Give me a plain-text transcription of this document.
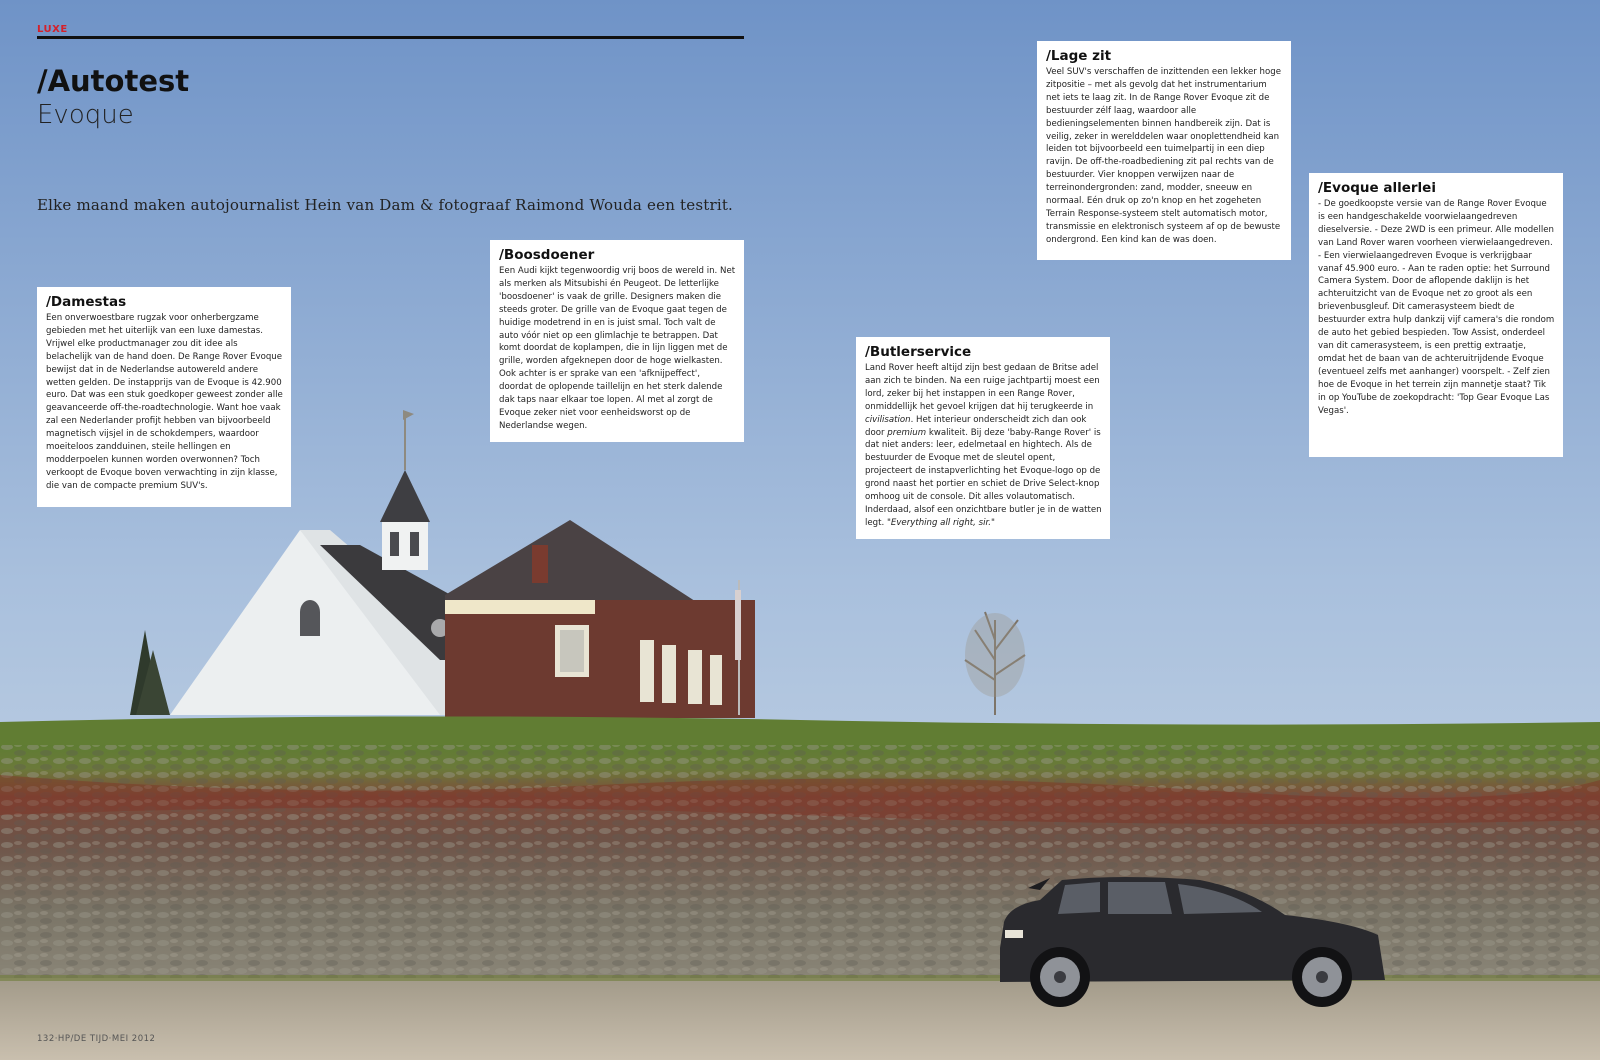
LUXE
/Autotest
Evoque
Elke maand maken autojournalist Hein van Dam & fotograaf Raimond Wouda een testrit.
/Damestas

Een onverwoestbare rugzak voor onherbergzame gebieden met het uiterlijk van een luxe damestas. Vrijwel elke productmanager zou dit idee als belachelijk van de hand doen. De Range Rover Evoque bewijst dat in de Nederlandse autowereld andere wetten gelden. De instapprijs van de Evoque is 42.900 euro. Dat was een stuk goedkoper geweest zonder alle geavanceerde off-the-roadtechnologie. Want hoe vaak zal een Nederlander profijt hebben van bijvoorbeeld magnetisch vijsjel in de schokdempers, waardoor moeiteloos zandduinen, steile hellingen en modderpoelen kunnen worden overwonnen? Toch verkoopt de Evoque boven verwachting in zijn klasse, die van de compacte premium SUV's.

/Boosdoener

Een Audi kijkt tegenwoordig vrij boos de wereld in. Net als merken als Mitsubishi én Peugeot. De letterlijke 'boosdoener' is vaak de grille. Designers maken die steeds groter. De grille van de Evoque gaat tegen de huidige modetrend in en is juist smal. Toch valt de auto vóór niet op een glimlachje te betrappen. Dat komt doordat de koplampen, die in lijn liggen met de grille, worden afgeknepen door de hoge wielkasten. Ook achter is er sprake van een 'afknijpeffect', doordat de oplopende taillelijn en het sterk dalende dak taps naar elkaar toe lopen. Al met al zorgt de Evoque zeker niet voor eenheidsworst op de Nederlandse wegen.

/Butlerservice

Land Rover heeft altijd zijn best gedaan de Britse adel aan zich te binden. Na een ruige jachtpartij moest een lord, zeker bij het instappen in een Range Rover, onmiddellijk het gevoel krijgen dat hij terugkeerde in civilisation. Het interieur onderscheidt zich dan ook door premium kwaliteit. Bij deze 'baby-Range Rover' is dat niet anders: leer, edelmetaal en hightech. Als de bestuurder de Evoque met de sleutel opent, projecteert de instapverlichting het Evoque-logo op de grond naast het portier en schiet de Drive Select-knop omhoog uit de console. Dit alles volautomatisch. Inderdaad, alsof een onzichtbare butler je in de watten legt. "Everything all right, sir."

/Lage zit

Veel SUV's verschaffen de inzittenden een lekker hoge zitpositie – met als gevolg dat het instrumentarium net iets te laag zit. In de Range Rover Evoque zit de bestuurder zélf laag, waardoor alle bedieningselementen binnen handbereik zijn. Dat is veilig, zeker in werelddelen waar onoplettendheid kan leiden tot bijvoorbeeld een tuimelpartij in een diep ravijn. De off-the-roadbediening zit pal rechts van de bestuurder. Vier knoppen verwijzen naar de terreinondergronden: zand, modder, sneeuw en normaal. Eén druk op zo'n knop en het zogeheten Terrain Response-systeem stelt automatisch motor, transmissie en elektronisch systeem af op de bewuste ondergrond. Een kind kan de was doen.

/Evoque allerlei

- De goedkoopste versie van de Range Rover Evoque is een handgeschakelde voorwielaangedreven dieselversie. - Deze 2WD is een primeur. Alle modellen van Land Rover waren voorheen vierwielaangedreven. - Een vierwielaangedreven Evoque is verkrijgbaar vanaf 45.900 euro. - Aan te raden optie: het Surround Camera System. Door de aflopende daklijn is het achteruitzicht van de Evoque net zo groot als een brievenbusgleuf. Dit camerasysteem biedt de bestuurder extra hulp dankzij vijf camera's die rondom de auto het gebied bespieden. Tow Assist, onderdeel van dit camerasysteem, is een prettig extraatje, omdat het de baan van de achteruitrijdende Evoque (eventueel zelfs met aanhanger) voorspelt. - Zelf zien hoe de Evoque in het terrein zijn mannetje staat? Tik in op YouTube de zoekopdracht: 'Top Gear Evoque Las Vegas'.

132·HP/DE TIJD·MEI 2012
